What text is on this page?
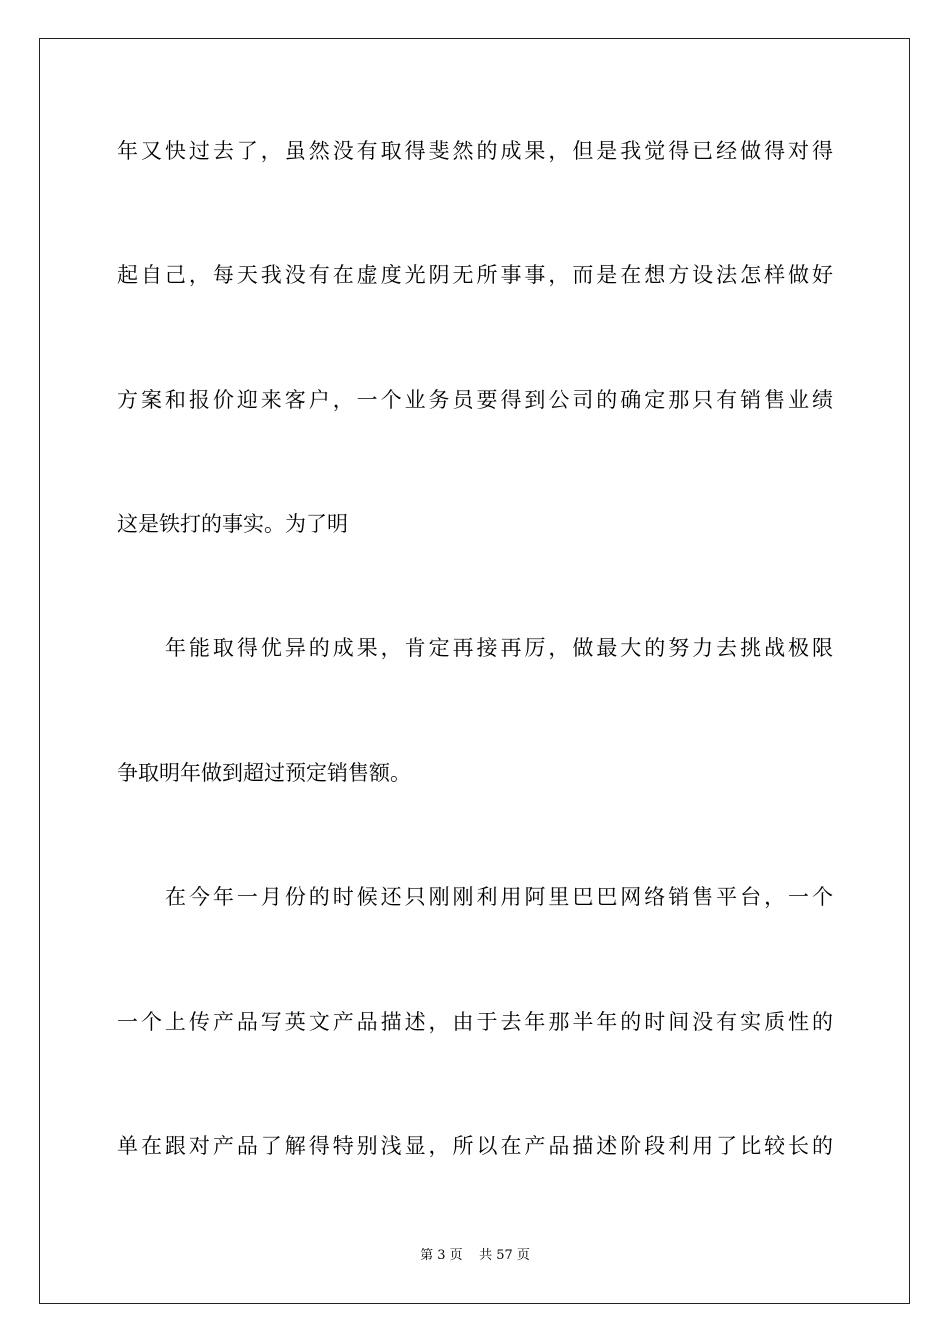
年又快过去了，虽然没有取得斐然的成果，但是我觉得已经做得对得
起自己，每天我没有在虚度光阴无所事事，而是在想方设法怎样做好
方案和报价迎来客户，一个业务员要得到公司的确定那只有销售业绩
这是铁打的事实。为了明
年能取得优异的成果，肯定再接再厉，做最大的努力去挑战极限
争取明年做到超过预定销售额。
在今年一月份的时候还只刚刚利用阿里巴巴网络销售平台，一个
一个上传产品写英文产品描述，由于去年那半年的时间没有实质性的
单在跟对产品了解得特别浅显，所以在产品描述阶段利用了比较长的
第 3 页    共 57 页
